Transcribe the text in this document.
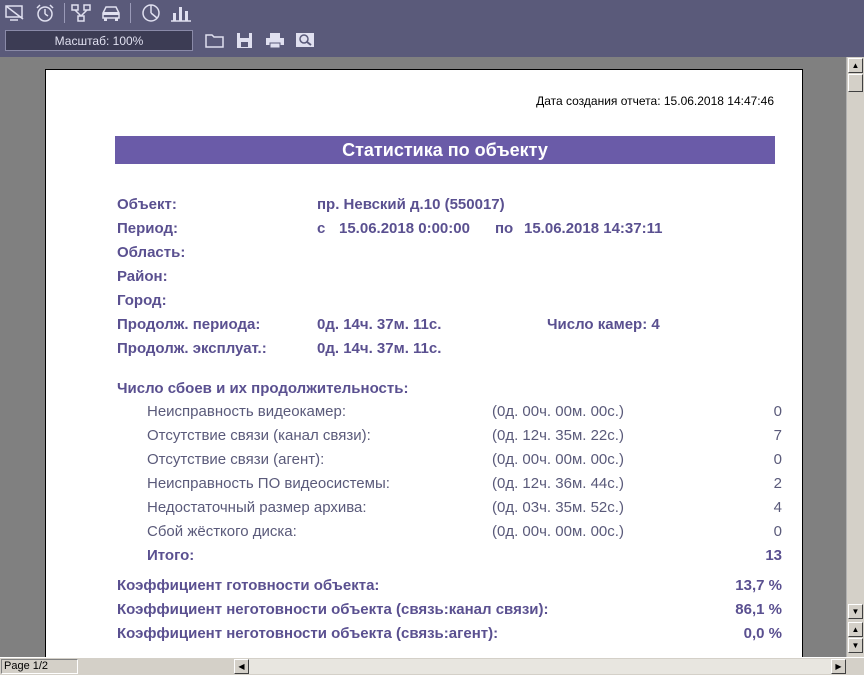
Масштаб: 100%
Дата создания отчета: 15.06.2018 14:47:46
Статистика по объекту
Объект:	пр. Невский д.10 (550017)
Период:	с 15.06.2018 0:00:00 по 15.06.2018 14:37:11
Область:
Район:
Город:
Продолж. периода:	0д. 14ч. 37м. 11с.	Число камер: 4
Продолж. эксплуат.:	0д. 14ч. 37м. 11с.
Число сбоев и их продолжительность:
Неисправность видеокамер:	(0д. 00ч. 00м. 00с.)	0
Отсутствие связи (канал связи):	(0д. 12ч. 35м. 22с.)	7
Отсутствие связи (агент):	(0д. 00ч. 00м. 00с.)	0
Неисправность ПО видеосистемы:	(0д. 12ч. 36м. 44с.)	2
Недостаточный размер архива:	(0д. 03ч. 35м. 52с.)	4
Сбой жёсткого диска:	(0д. 00ч. 00м. 00с.)	0
Итого:	13
Коэффициент готовности объекта:	13,7 %
Коэффициент неготовности объекта (связь:канал связи):	86,1 %
Коэффициент неготовности объекта (связь:агент):	0,0 %
▲
▼
▲
▼
Page 1/2	◀	▶
